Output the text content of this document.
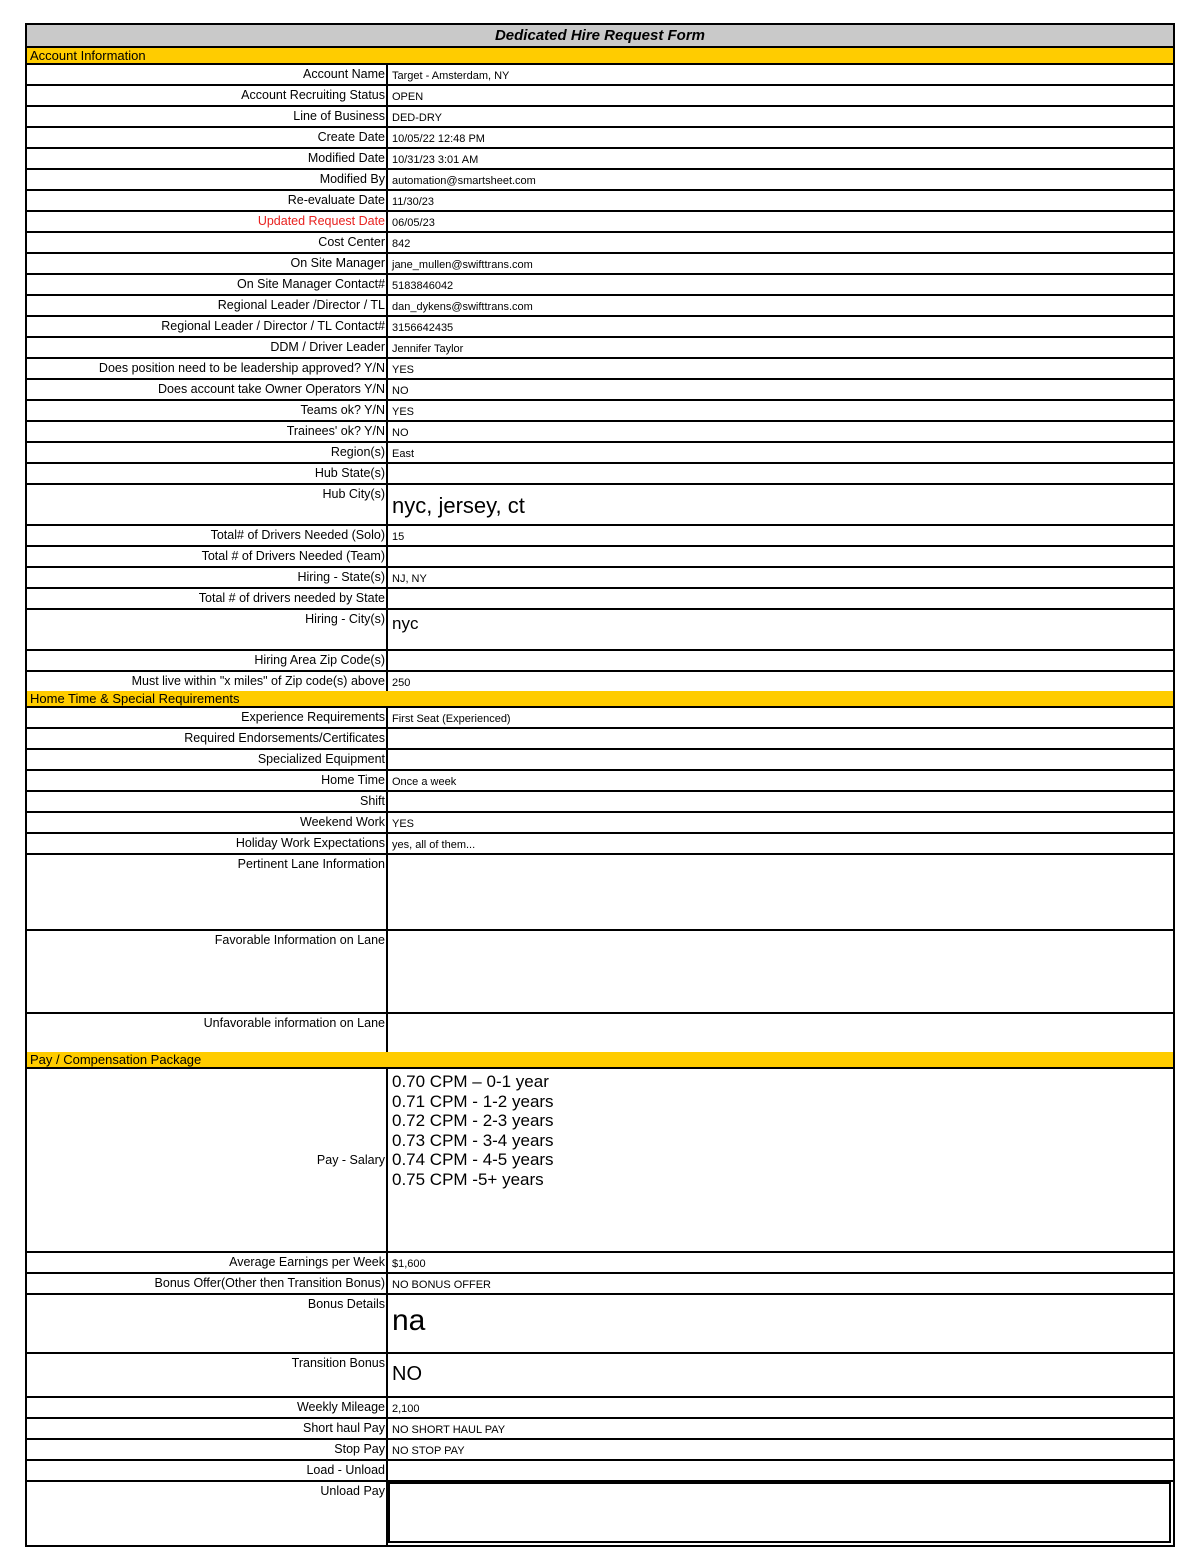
Dedicated Hire Request Form
Account Information
Account Name Target - Amsterdam, NY
Account Recruiting Status OPEN
Line of Business DED-DRY
Create Date 10/05/22 12:48 PM
Modified Date 10/31/23 3:01 AM
Modified By automation@smartsheet.com
Re-evaluate Date 11/30/23
Updated Request Date 06/05/23
Cost Center 842
On Site Manager jane_mullen@swifttrans.com
On Site Manager Contact# 5183846042
Regional Leader /Director / TL dan_dykens@swifttrans.com
Regional Leader / Director / TL Contact# 3156642435
DDM / Driver Leader Jennifer Taylor
Does position need to be leadership approved? Y/N YES
Does account take Owner Operators Y/N NO
Teams ok? Y/N YES
Trainees' ok? Y/N NO
Region(s) East
Hub State(s)
Hub City(s) nyc, jersey, ct
Total# of Drivers Needed (Solo) 15
Total # of Drivers Needed (Team)
Hiring - State(s) NJ, NY
Total # of drivers needed by State
Hiring - City(s) nyc
Hiring Area Zip Code(s)
Must live within "x miles" of Zip code(s) above 250
Home Time & Special Requirements
Experience Requirements First Seat (Experienced)
Required Endorsements/Certificates
Specialized Equipment
Home Time Once a week
Shift
Weekend Work YES
Holiday Work Expectations yes, all of them...
Pertinent Lane Information
Favorable Information on Lane
Unfavorable information on Lane
Pay / Compensation Package
Pay - Salary
0.70 CPM – 0-1 year
0.71 CPM - 1-2 years
0.72 CPM - 2-3 years
0.73 CPM - 3-4 years
0.74 CPM - 4-5 years
0.75 CPM -5+ years
Average Earnings per Week $1,600
Bonus Offer(Other then Transition Bonus) NO BONUS OFFER
Bonus Details na
Transition Bonus NO
Weekly Mileage 2,100
Short haul Pay NO SHORT HAUL PAY
Stop Pay NO STOP PAY
Load - Unload
Unload Pay
